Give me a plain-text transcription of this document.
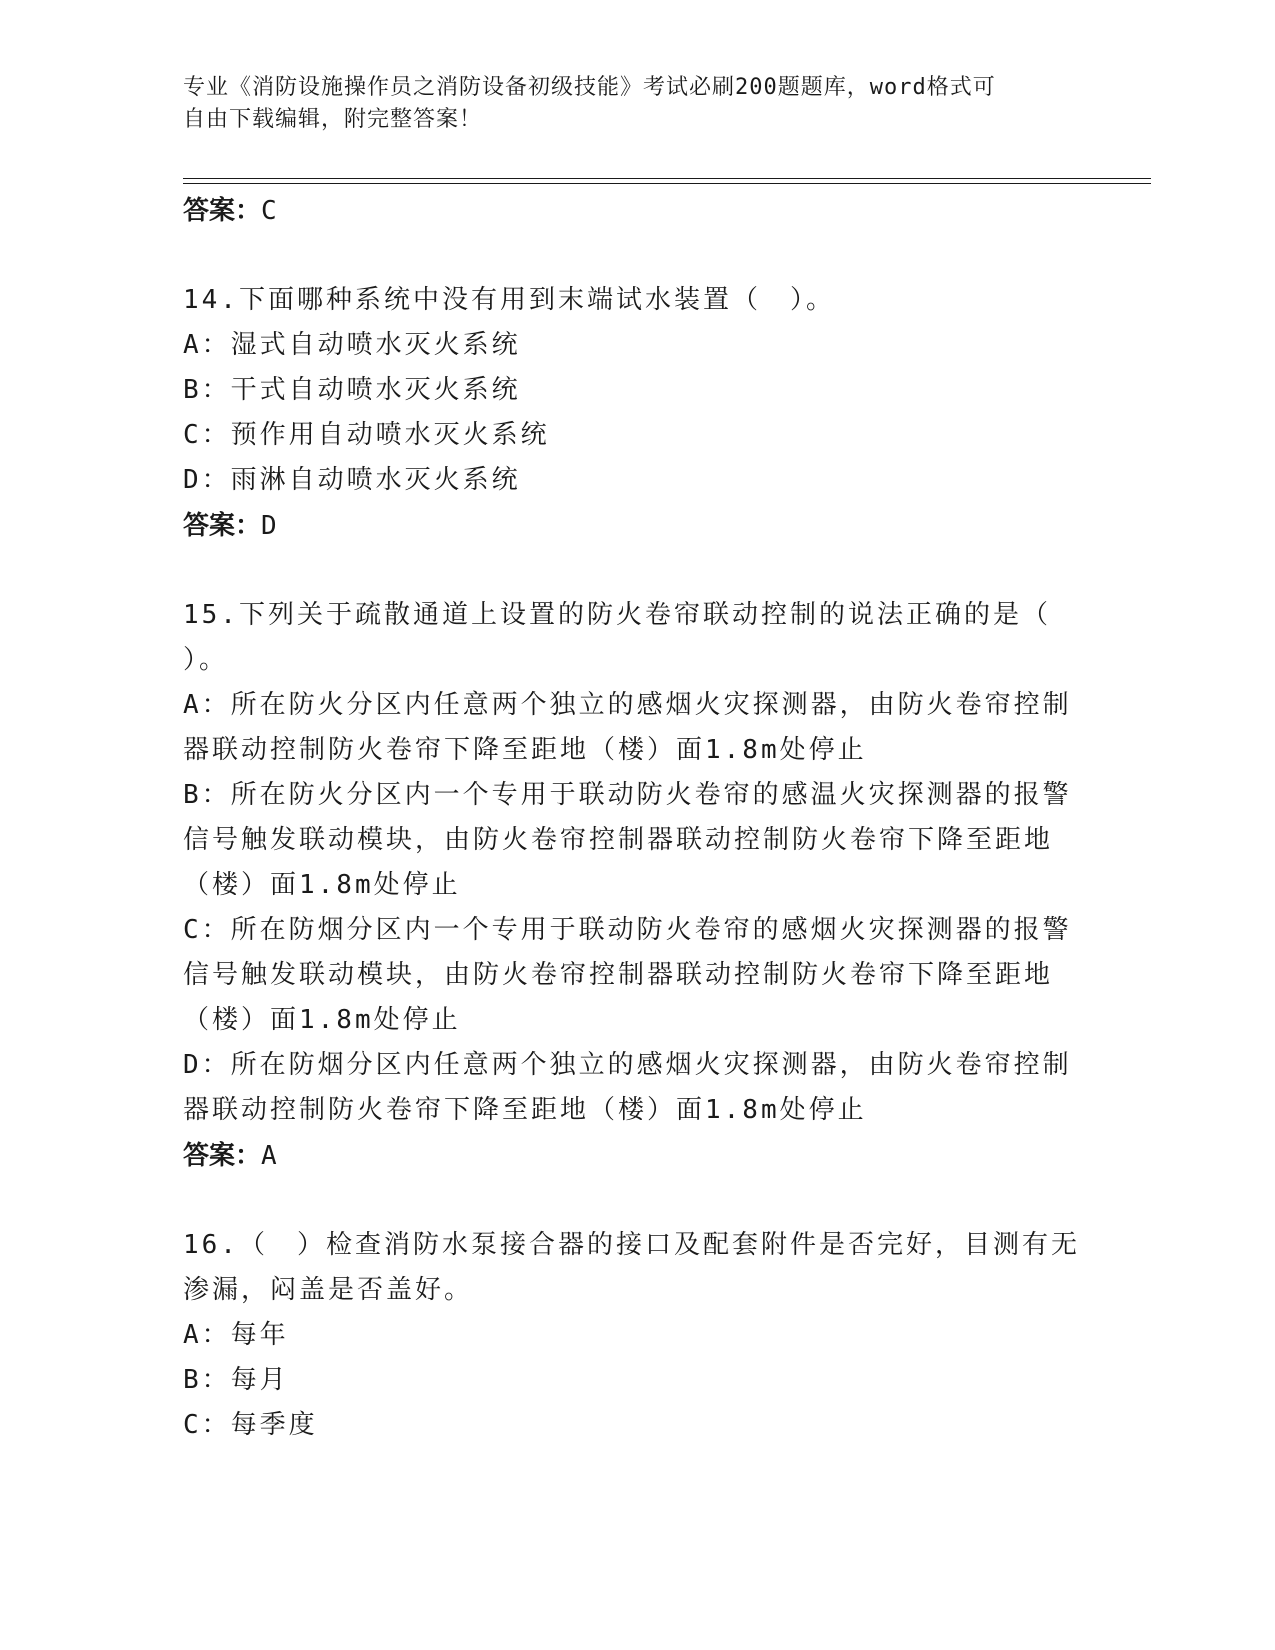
专业《消防设施操作员之消防设备初级技能》考试必刷200题题库，word格式可
自由下载编辑，附完整答案！

答案：C

14.下面哪种系统中没有用到末端试水装置（　）。

A：湿式自动喷水灭火系统

B：干式自动喷水灭火系统

C：预作用自动喷水灭火系统

D：雨淋自动喷水灭火系统

答案：D

15.下列关于疏散通道上设置的防火卷帘联动控制的说法正确的是（

）。

A：所在防火分区内任意两个独立的感烟火灾探测器，由防火卷帘控制

器联动控制防火卷帘下降至距地（楼）面1.8m处停止

B：所在防火分区内一个专用于联动防火卷帘的感温火灾探测器的报警

信号触发联动模块，由防火卷帘控制器联动控制防火卷帘下降至距地

（楼）面1.8m处停止

C：所在防烟分区内一个专用于联动防火卷帘的感烟火灾探测器的报警

信号触发联动模块，由防火卷帘控制器联动控制防火卷帘下降至距地

（楼）面1.8m处停止

D：所在防烟分区内任意两个独立的感烟火灾探测器，由防火卷帘控制

器联动控制防火卷帘下降至距地（楼）面1.8m处停止

答案：A

16.（　）检查消防水泵接合器的接口及配套附件是否完好，目测有无

渗漏，闷盖是否盖好。

A：每年

B：每月

C：每季度
